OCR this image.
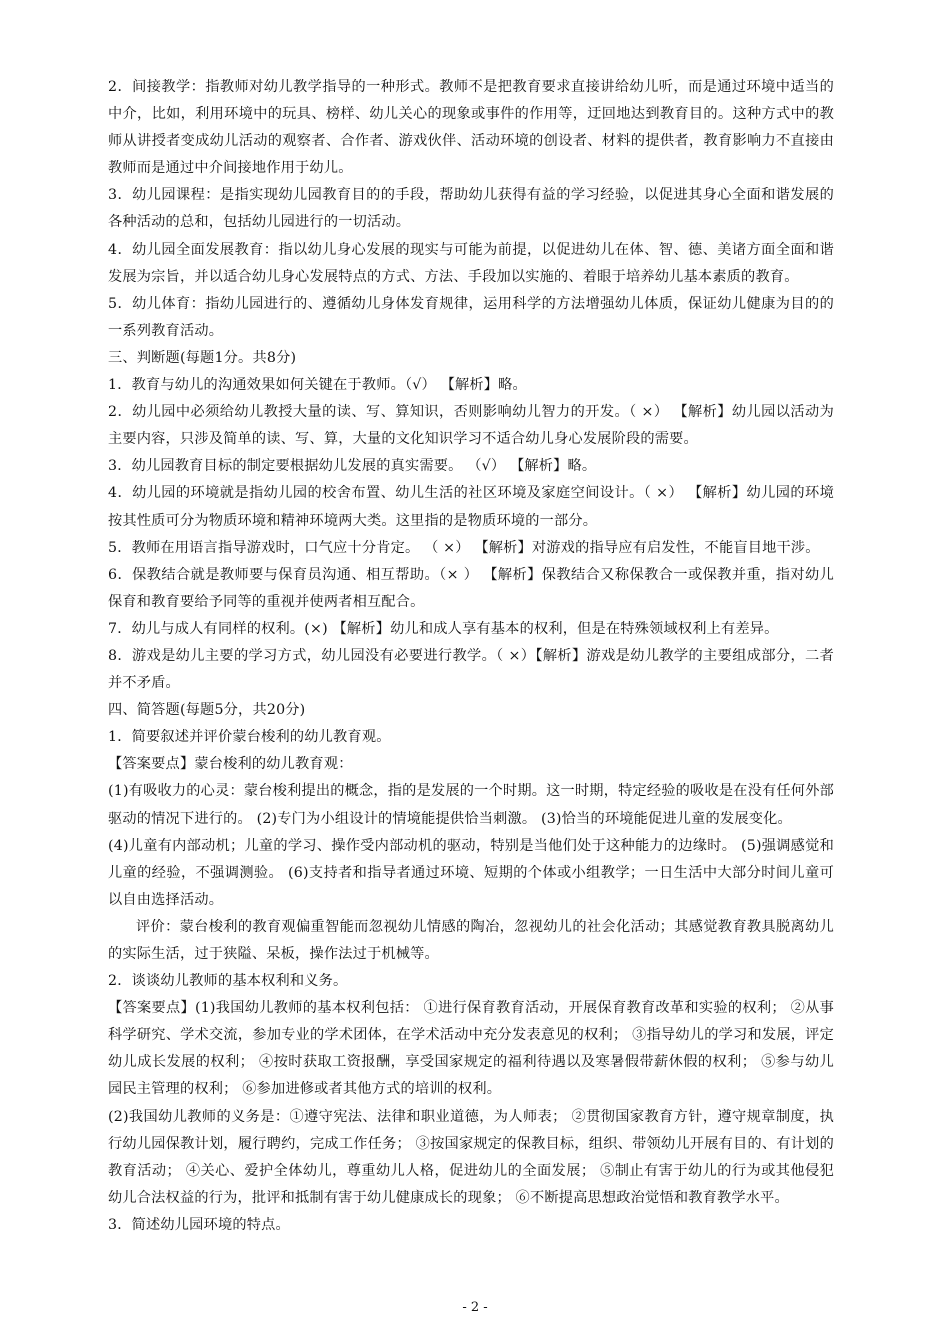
2．间接教学：指教师对幼儿教学指导的一种形式。教师不是把教育要求直接讲给幼儿听，而是通过环境中适当的中介，比如，利用环境中的玩具、榜样、幼儿关心的现象或事件的作用等，迂回地达到教育目的。这种方式中的教师从讲授者变成幼儿活动的观察者、合作者、游戏伙伴、活动环境的创设者、材料的提供者，教育影响力不直接由教师而是通过中介间接地作用于幼儿。

3．幼儿园课程：是指实现幼儿园教育目的的手段，帮助幼儿获得有益的学习经验，以促进其身心全面和谐发展的各种活动的总和，包括幼儿园进行的一切活动。

4．幼儿园全面发展教育：指以幼儿身心发展的现实与可能为前提，以促进幼儿在体、智、德、美诸方面全面和谐发展为宗旨，并以适合幼儿身心发展特点的方式、方法、手段加以实施的、着眼于培养幼儿基本素质的教育。

5．幼儿体育：指幼儿园进行的、遵循幼儿身体发育规律，运用科学的方法增强幼儿体质，保证幼儿健康为目的的一系列教育活动。

三、判断题(每题1分。共8分)

1．教育与幼儿的沟通效果如何关键在于教师。（√） 【解析】略。

2．幼儿园中必须给幼儿教授大量的读、写、算知识，否则影响幼儿智力的开发。（ ×） 【解析】幼儿园以活动为主要内容，只涉及简单的读、写、算，大量的文化知识学习不适合幼儿身心发展阶段的需要。

3．幼儿园教育目标的制定要根据幼儿发展的真实需要。 （√） 【解析】略。

4．幼儿园的环境就是指幼儿园的校舍布置、幼儿生活的社区环境及家庭空间设计。（ ×） 【解析】幼儿园的环境按其性质可分为物质环境和精神环境两大类。这里指的是物质环境的一部分。

5．教师在用语言指导游戏时，口气应十分肯定。 （ ×） 【解析】对游戏的指导应有启发性，不能盲目地干涉。

6．保教结合就是教师要与保育员沟通、相互帮助。（× ） 【解析】保教结合又称保教合一或保教并重，指对幼儿保育和教育要给予同等的重视并使两者相互配合。

7．幼儿与成人有同样的权利。(×) 【解析】幼儿和成人享有基本的权利，但是在特殊领域权利上有差异。

8．游戏是幼儿主要的学习方式，幼儿园没有必要进行教学。（ ×）【解析】游戏是幼儿教学的主要组成部分，二者并不矛盾。

四、简答题(每题5分，共20分)

1．简要叙述并评价蒙台梭利的幼儿教育观。

【答案要点】蒙台梭利的幼儿教育观：

(1)有吸收力的心灵：蒙台梭利提出的概念，指的是发展的一个时期。这一时期，特定经验的吸收是在没有任何外部驱动的情况下进行的。 (2)专门为小组设计的情境能提供恰当刺激。 (3)恰当的环境能促进儿童的发展变化。

(4)儿童有内部动机；儿童的学习、操作受内部动机的驱动，特别是当他们处于这种能力的边缘时。 (5)强调感觉和儿童的经验，不强调测验。 (6)支持者和指导者通过环境、短期的个体或小组教学；一日生活中大部分时间儿童可以自由选择活动。

评价：蒙台梭利的教育观偏重智能而忽视幼儿情感的陶冶，忽视幼儿的社会化活动；其感觉教育教具脱离幼儿的实际生活，过于狭隘、呆板，操作法过于机械等。

2．谈谈幼儿教师的基本权利和义务。

【答案要点】(1)我国幼儿教师的基本权利包括： ①进行保育教育活动，开展保育教育改革和实验的权利； ②从事科学研究、学术交流，参加专业的学术团体，在学术活动中充分发表意见的权利； ③指导幼儿的学习和发展，评定幼儿成长发展的权利； ④按时获取工资报酬，享受国家规定的福利待遇以及寒暑假带薪休假的权利； ⑤参与幼儿园民主管理的权利； ⑥参加进修或者其他方式的培训的权利。

(2)我国幼儿教师的义务是：①遵守宪法、法律和职业道德，为人师表； ②贯彻国家教育方针，遵守规章制度，执行幼儿园保教计划，履行聘约，完成工作任务； ③按国家规定的保教目标，组织、带领幼儿开展有目的、有计划的教育活动； ④关心、爱护全体幼儿，尊重幼儿人格，促进幼儿的全面发展； ⑤制止有害于幼儿的行为或其他侵犯幼儿合法权益的行为，批评和抵制有害于幼儿健康成长的现象； ⑥不断提高思想政治觉悟和教育教学水平。

3．简述幼儿园环境的特点。

- 2 -
